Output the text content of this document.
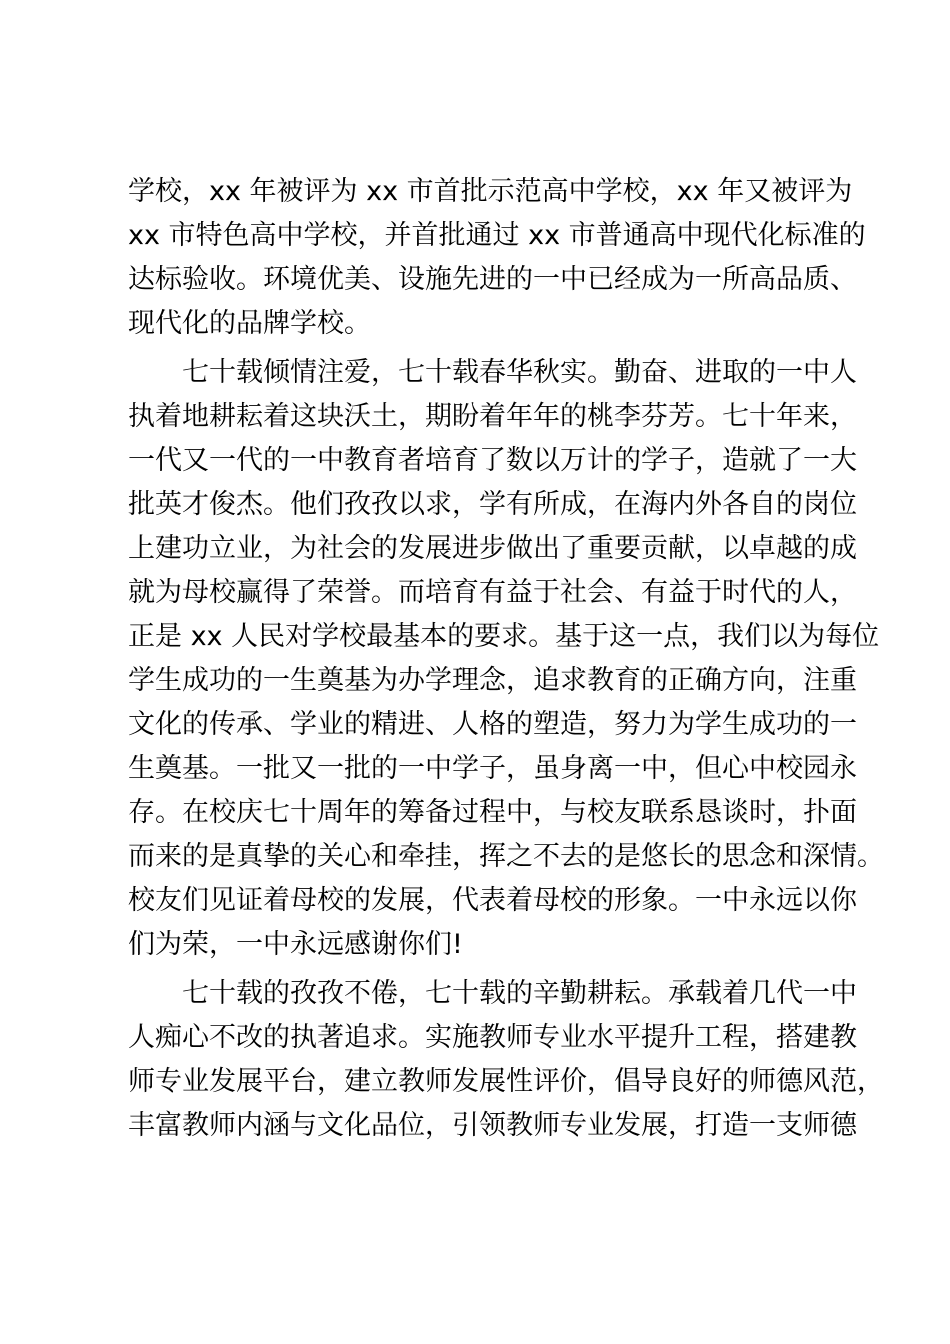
学校，xx 年被评为 xx 市首批示范高中学校，xx 年又被评为
xx 市特色高中学校，并首批通过 xx 市普通高中现代化标准的
达标验收。环境优美、设施先进的一中已经成为一所高品质、
现代化的品牌学校。
七十载倾情注爱，七十载春华秋实。勤奋、进取的一中人
执着地耕耘着这块沃土，期盼着年年的桃李芬芳。七十年来，
一代又一代的一中教育者培育了数以万计的学子，造就了一大
批英才俊杰。他们孜孜以求，学有所成，在海内外各自的岗位
上建功立业，为社会的发展进步做出了重要贡献，以卓越的成
就为母校赢得了荣誉。而培育有益于社会、有益于时代的人，
正是 xx 人民对学校最基本的要求。基于这一点，我们以为每位
学生成功的一生奠基为办学理念，追求教育的正确方向，注重
文化的传承、学业的精进、人格的塑造，努力为学生成功的一
生奠基。一批又一批的一中学子，虽身离一中，但心中校园永
存。在校庆七十周年的筹备过程中，与校友联系恳谈时，扑面
而来的是真挚的关心和牵挂，挥之不去的是悠长的思念和深情。
校友们见证着母校的发展，代表着母校的形象。一中永远以你
们为荣，一中永远感谢你们!
七十载的孜孜不倦，七十载的辛勤耕耘。承载着几代一中
人痴心不改的执著追求。实施教师专业水平提升工程，搭建教
师专业发展平台，建立教师发展性评价，倡导良好的师德风范，
丰富教师内涵与文化品位，引领教师专业发展，打造一支师德
